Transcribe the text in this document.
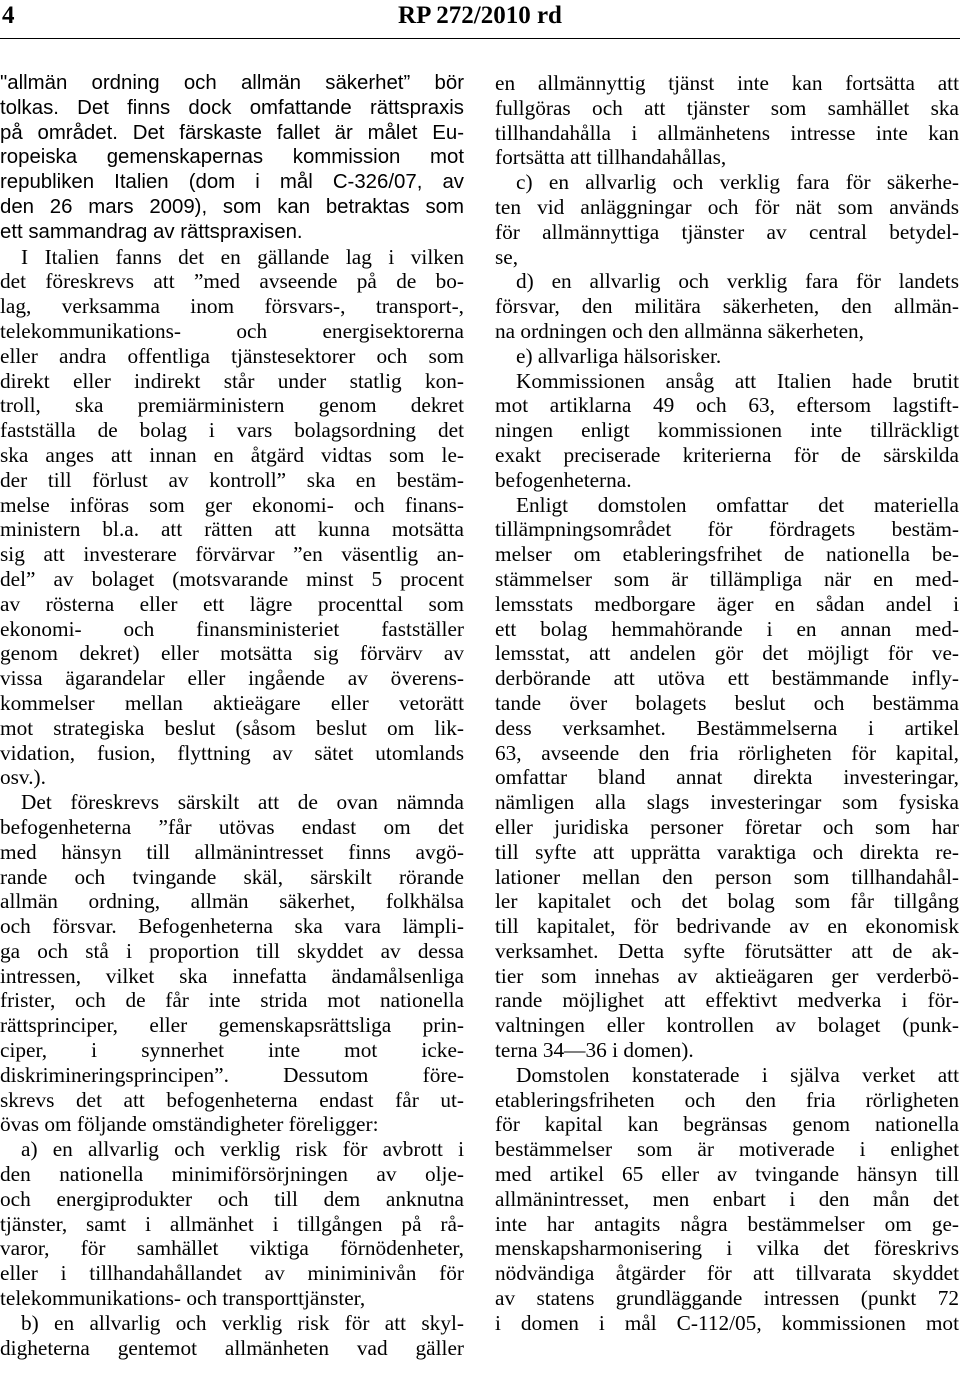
4	RP 272/2010 rd
"allmän ordning och allmän säkerhet” bör
tolkas. Det finns dock omfattande rättspraxis
på området. Det färskaste fallet är målet Eu-
ropeiska gemenskapernas kommission mot
republiken Italien (dom i mål C-326/07, av
den 26 mars 2009), som kan betraktas som
ett sammandrag av rättspraxisen.
I Italien fanns det en gällande lag i vilken
det föreskrevs att ”med avseende på de bo-
lag, verksamma inom försvars-, transport-,
telekommunikations- och energisektorerna
eller andra offentliga tjänstesektorer och som
direkt eller indirekt står under statlig kon-
troll, ska premiärministern genom dekret
fastställa de bolag i vars bolagsordning det
ska anges att innan en åtgärd vidtas som le-
der till förlust av kontroll” ska en bestäm-
melse införas som ger ekonomi- och finans-
ministern bl.a. att rätten att kunna motsätta
sig att investerare förvärvar ”en väsentlig an-
del” av bolaget (motsvarande minst 5 procent
av rösterna eller ett lägre procenttal som
ekonomi- och finansministeriet fastställer
genom dekret) eller motsätta sig förvärv av
vissa ägarandelar eller ingående av överens-
kommelser mellan aktieägare eller vetorätt
mot strategiska beslut (såsom beslut om lik-
vidation, fusion, flyttning av sätet utomlands
osv.).
Det föreskrevs särskilt att de ovan nämnda
befogenheterna ”får utövas endast om det
med hänsyn till allmänintresset finns avgö-
rande och tvingande skäl, särskilt rörande
allmän ordning, allmän säkerhet, folkhälsa
och försvar. Befogenheterna ska vara lämpli-
ga och stå i proportion till skyddet av dessa
intressen, vilket ska innefatta ändamålsenliga
frister, och de får inte strida mot nationella
rättsprinciper, eller gemenskapsrättsliga prin-
ciper, i synnerhet inte mot icke-
diskrimineringsprincipen”. Dessutom före-
skrevs det att befogenheterna endast får ut-
övas om följande omständigheter föreligger:
a) en allvarlig och verklig risk för avbrott i
den nationella minimiförsörjningen av olje-
och energiprodukter och till dem anknutna
tjänster, samt i allmänhet i tillgången på rå-
varor, för samhället viktiga förnödenheter,
eller i tillhandahållandet av miniminivån för
telekommunikations- och transporttjänster,
b) en allvarlig och verklig risk för att skyl-
digheterna gentemot allmänheten vad gäller
en allmännyttig tjänst inte kan fortsätta att
fullgöras och att tjänster som samhället ska
tillhandahålla i allmänhetens intresse inte kan
fortsätta att tillhandahållas,
c) en allvarlig och verklig fara för säkerhe-
ten vid anläggningar och för nät som används
för allmännyttiga tjänster av central betydel-
se,
d) en allvarlig och verklig fara för landets
försvar, den militära säkerheten, den allmän-
na ordningen och den allmänna säkerheten,
e) allvarliga hälsorisker.
Kommissionen ansåg att Italien hade brutit
mot artiklarna 49 och 63, eftersom lagstift-
ningen enligt kommissionen inte tillräckligt
exakt preciserade kriterierna för de särskilda
befogenheterna.
Enligt domstolen omfattar det materiella
tillämpningsområdet för fördragets bestäm-
melser om etableringsfrihet de nationella be-
stämmelser som är tillämpliga när en med-
lemsstats medborgare äger en sådan andel i
ett bolag hemmahörande i en annan med-
lemsstat, att andelen gör det möjligt för ve-
derbörande att utöva ett bestämmande infly-
tande över bolagets beslut och bestämma
dess verksamhet. Bestämmelserna i artikel
63, avseende den fria rörligheten för kapital,
omfattar bland annat direkta investeringar,
nämligen alla slags investeringar som fysiska
eller juridiska personer företar och som har
till syfte att upprätta varaktiga och direkta re-
lationer mellan den person som tillhandahål-
ler kapitalet och det bolag som får tillgång
till kapitalet, för bedrivande av en ekonomisk
verksamhet. Detta syfte förutsätter att de ak-
tier som innehas av aktieägaren ger verderbö-
rande möjlighet att effektivt medverka i för-
valtningen eller kontrollen av bolaget (punk-
terna 34—36 i domen).
Domstolen konstaterade i själva verket att
etableringsfriheten och den fria rörligheten
för kapital kan begränsas genom nationella
bestämmelser som är motiverade i enlighet
med artikel 65 eller av tvingande hänsyn till
allmänintresset, men enbart i den mån det
inte har antagits några bestämmelser om ge-
menskapsharmonisering i vilka det föreskrivs
nödvändiga åtgärder för att tillvarata skyddet
av statens grundläggande intressen (punkt 72
i domen i mål C-112/05, kommissionen mot
